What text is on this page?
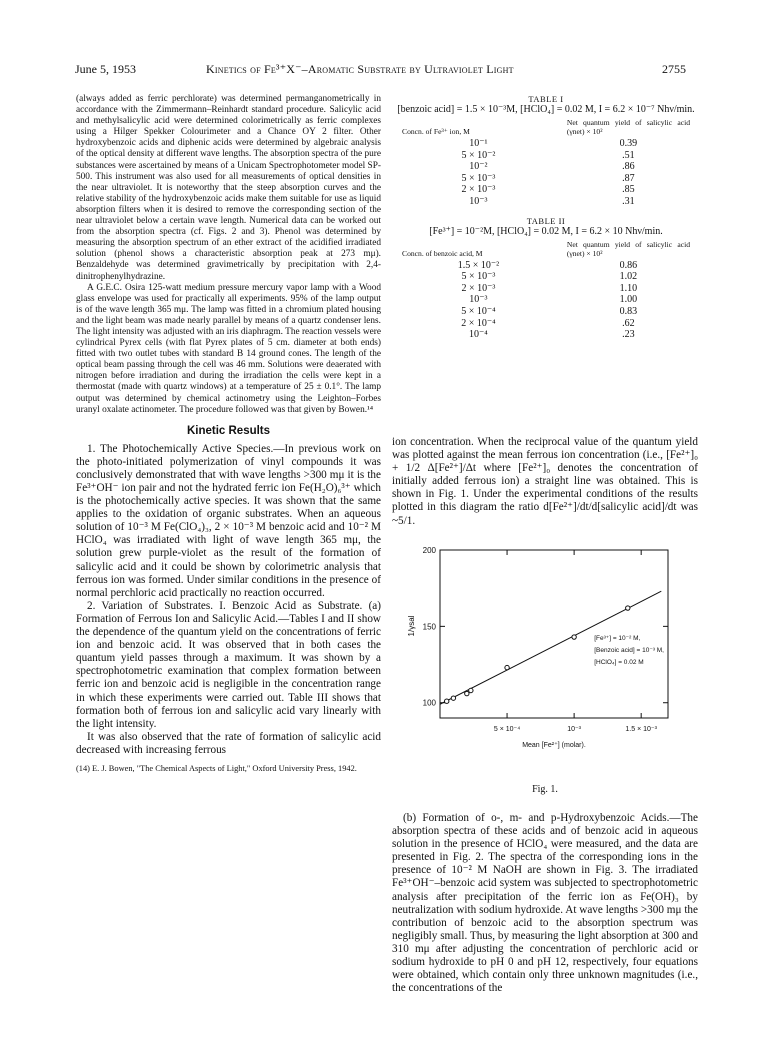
June 5, 1953	Kinetics of Fe³⁺X⁻–Aromatic Substrate by Ultraviolet Light	2755

(always added as ferric perchlorate) was determined permanganometrically in accordance with the Zimmermann–Reinhardt standard procedure. Salicylic acid and methylsalicylic acid were determined colorimetrically as ferric complexes using a Hilger Spekker Colourimeter and a Chance OY 2 filter. Other hydroxybenzoic acids and diphenic acids were determined by algebraic analysis of the optical density at different wave lengths. The absorption spectra of the pure substances were ascertained by means of a Unicam Spectrophotometer model SP-500. This instrument was also used for all measurements of optical densities in the near ultraviolet. It is noteworthy that the steep absorption curves and the relative stability of the hydroxybenzoic acids make them suitable for use as liquid absorption filters when it is desired to remove the corresponding section of the near ultraviolet below a certain wave length. Numerical data can be worked out from the absorption spectra (cf. Figs. 2 and 3). Phenol was determined by measuring the absorption spectrum of an ether extract of the acidified irradiated solution (phenol shows a characteristic absorption peak at 273 mμ). Benzaldehyde was determined gravimetrically by precipitation with 2,4-dinitrophenylhydrazine.

A G.E.C. Osira 125-watt medium pressure mercury vapor lamp with a Wood glass envelope was used for practically all experiments. 95% of the lamp output is of the wave length 365 mμ. The lamp was fitted in a chromium plated housing and the light beam was made nearly parallel by means of a quartz condenser lens. The light intensity was adjusted with an iris diaphragm. The reaction vessels were cylindrical Pyrex cells (with flat Pyrex plates of 5 cm. diameter at both ends) fitted with two outlet tubes with standard B 14 ground cones. The length of the optical beam passing through the cell was 46 mm. Solutions were deaerated with nitrogen before irradiation and during the irradiation the cells were kept in a thermostat (made with quartz windows) at a temperature of 25 ± 0.1°. The lamp output was determined by chemical actinometry using the Leighton–Forbes uranyl oxalate actinometer. The procedure followed was that given by Bowen.¹⁴

Kinetic Results

1. The Photochemically Active Species.—In previous work on the photo-initiated polymerization of vinyl compounds it was conclusively demonstrated that with wave lengths >300 mμ it is the Fe³⁺OH⁻ ion pair and not the hydrated ferric ion Fe(H₂O)₆³⁺ which is the photochemically active species. It was shown that the same applies to the oxidation of organic substrates. When an aqueous solution of 10⁻³ M Fe(ClO₄)₃, 2 × 10⁻³ M benzoic acid and 10⁻² M HClO₄ was irradiated with light of wave length 365 mμ, the solution grew purple-violet as the result of the formation of salicylic acid and it could be shown by colorimetric analysis that ferrous ion was formed. Under similar conditions in the presence of normal perchloric acid practically no reaction occurred.

2. Variation of Substrates. I. Benzoic Acid as Substrate. (a) Formation of Ferrous Ion and Salicylic Acid.—Tables I and II show the dependence of the quantum yield on the concentrations of ferric ion and benzoic acid. It was observed that in both cases the quantum yield passes through a maximum. It was shown by a spectrophotometric examination that complex formation between ferric ion and benzoic acid is negligible in the concentration range in which these experiments were carried out. Table III shows that formation both of ferrous ion and salicylic acid vary linearly with the light intensity.

It was also observed that the rate of formation of salicylic acid decreased with increasing ferrous

(14) E. J. Bowen, "The Chemical Aspects of Light," Oxford University Press, 1942.
TABLE I
[benzoic acid] = 1.5 × 10⁻³M, [HClO₄] = 0.02 M, I = 6.2 × 10⁻⁷ Nhν/min.
Concn. of Fe³⁺ ion, M	Net quantum yield of salicylic acid (γnet) × 10²
10⁻¹	0.39
5 × 10⁻²	.51
10⁻²	.86
5 × 10⁻³	.87
2 × 10⁻³	.85
10⁻³	.31
TABLE II
[Fe³⁺] = 10⁻²M, [HClO₄] = 0.02 M, I = 6.2 × 10 Nhν/min.
Concn. of benzoic acid, M	Net quantum yield of salicylic acid (γnet) × 10²
1.5 × 10⁻²	0.86
5 × 10⁻³	1.02
2 × 10⁻³	1.10
10⁻³	1.00
5 × 10⁻⁴	0.83
2 × 10⁻⁴	.62
10⁻⁴	.23

ion concentration. When the reciprocal value of the quantum yield was plotted against the mean ferrous ion concentration (i.e., [Fe²⁺]₀ + 1/2 Δ[Fe²⁺]/Δt where [Fe²⁺]₀ denotes the concentration of initially added ferrous ion) a straight line was obtained. This is shown in Fig. 1. Under the experimental conditions of the results plotted in this diagram the ratio d[Fe²⁺]/dt/d[salicylic acid]/dt was ~5/1.

100
150
200
5 × 10⁻⁴	10⁻³	1.5 × 10⁻³
Mean [Fe²⁺] (molar).
1/γsal
[Fe³⁺] = 10⁻² M,
[Benzoic acid] = 10⁻³ M,
[HClO₄] = 0.02 M
Fig. 1.

(b) Formation of o-, m- and p-Hydroxybenzoic Acids.—The absorption spectra of these acids and of benzoic acid in aqueous solution in the presence of HClO₄ were measured, and the data are presented in Fig. 2. The spectra of the corresponding ions in the presence of 10⁻² M NaOH are shown in Fig. 3. The irradiated Fe³⁺OH⁻–benzoic acid system was subjected to spectrophotometric analysis after precipitation of the ferric ion as Fe(OH)₃ by neutralization with sodium hydroxide. At wave lengths >300 mμ the contribution of benzoic acid to the absorption spectrum was negligibly small. Thus, by measuring the light absorption at 300 and 310 mμ after adjusting the concentration of perchloric acid or sodium hydroxide to pH 0 and pH 12, respectively, four equations were obtained, which contain only three unknown magnitudes (i.e., the concentrations of the
